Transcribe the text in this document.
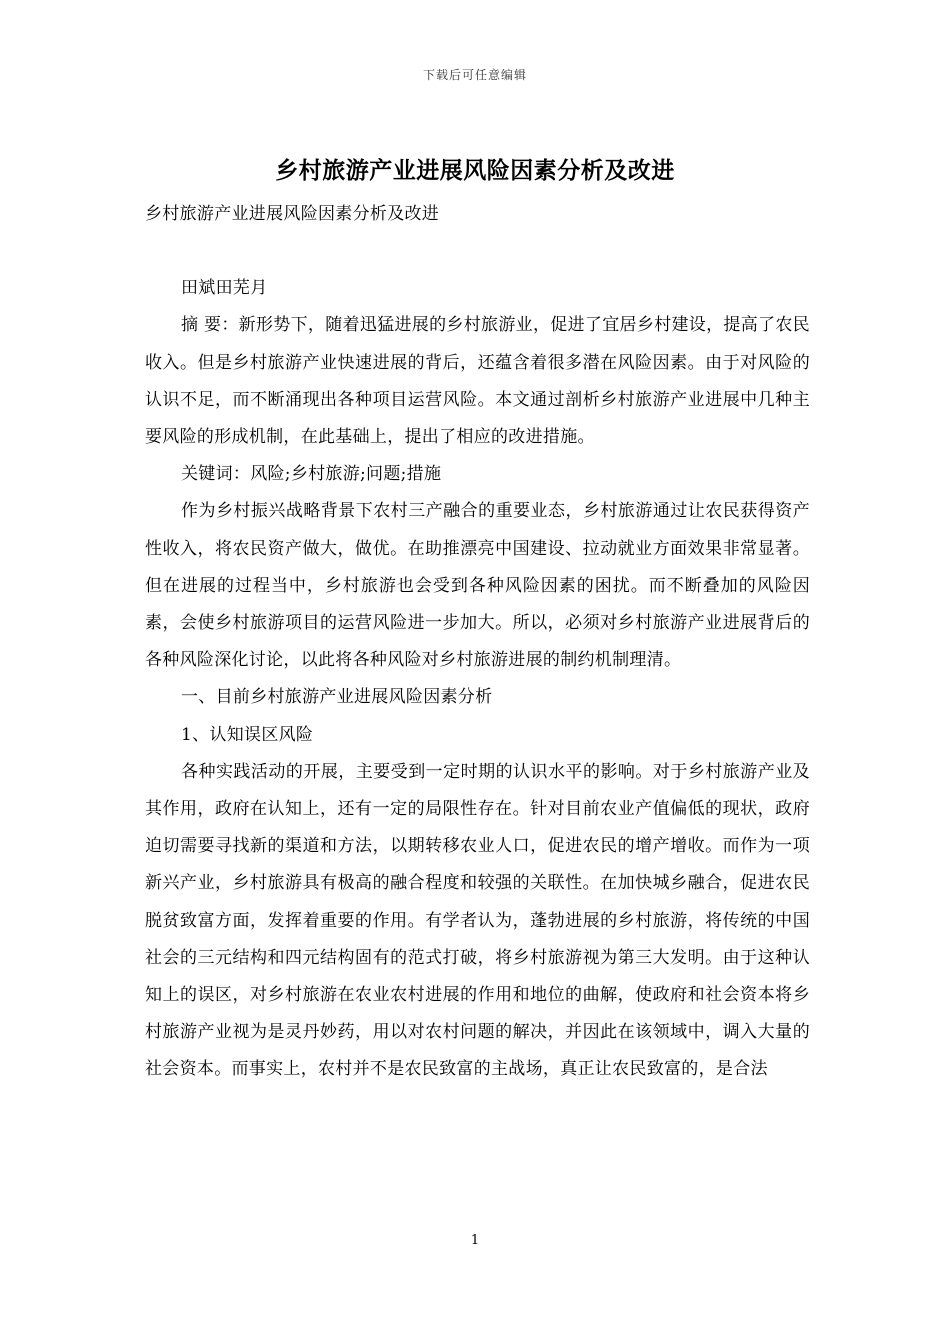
下载后可任意编辑
乡村旅游产业进展风险因素分析及改进

乡村旅游产业进展风险因素分析及改进

田斌田芜月

摘 要：新形势下，随着迅猛进展的乡村旅游业，促进了宜居乡村建设，提高了农民收入。但是乡村旅游产业快速进展的背后，还蕴含着很多潜在风险因素。由于对风险的认识不足，而不断涌现出各种项目运营风险。本文通过剖析乡村旅游产业进展中几种主要风险的形成机制，在此基础上，提出了相应的改进措施。

关键词：风险;乡村旅游;问题;措施

作为乡村振兴战略背景下农村三产融合的重要业态，乡村旅游通过让农民获得资产性收入，将农民资产做大，做优。在助推漂亮中国建设、拉动就业方面效果非常显著。但在进展的过程当中，乡村旅游也会受到各种风险因素的困扰。而不断叠加的风险因素，会使乡村旅游项目的运营风险进一步加大。所以，必须对乡村旅游产业进展背后的各种风险深化讨论，以此将各种风险对乡村旅游进展的制约机制理清。

一、目前乡村旅游产业进展风险因素分析

1、认知误区风险

各种实践活动的开展，主要受到一定时期的认识水平的影响。对于乡村旅游产业及其作用，政府在认知上，还有一定的局限性存在。针对目前农业产值偏低的现状，政府迫切需要寻找新的渠道和方法，以期转移农业人口，促进农民的增产增收。而作为一项新兴产业，乡村旅游具有极高的融合程度和较强的关联性。在加快城乡融合，促进农民脱贫致富方面，发挥着重要的作用。有学者认为，蓬勃进展的乡村旅游，将传统的中国社会的三元结构和四元结构固有的范式打破，将乡村旅游视为第三大发明。由于这种认知上的误区，对乡村旅游在农业农村进展的作用和地位的曲解，使政府和社会资本将乡村旅游产业视为是灵丹妙药，用以对农村问题的解决，并因此在该领域中，调入大量的社会资本。而事实上，农村并不是农民致富的主战场，真正让农民致富的，是合法

1
